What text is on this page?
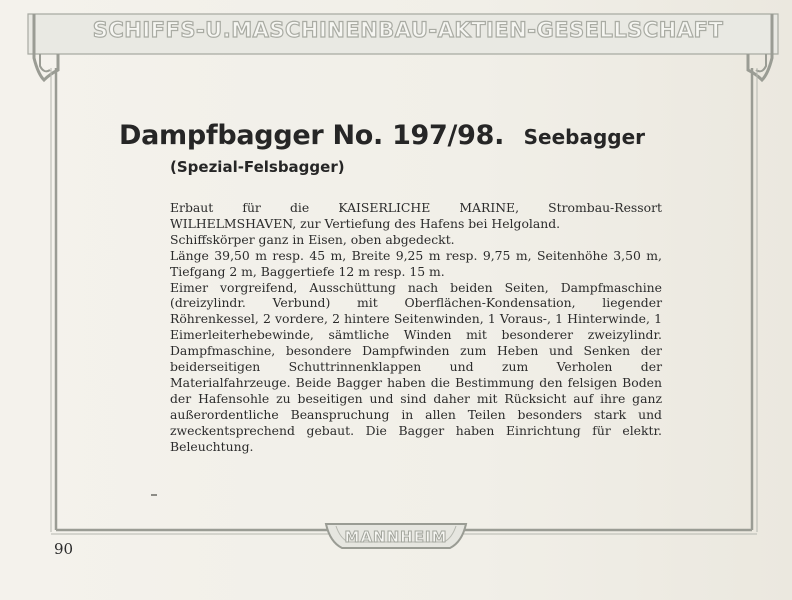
SCHIFFS-U.MASCHINENBAU-AKTIEN-GESELLSCHAFT
Dampfbagger No. 197/98. Seebagger
(Spezial-Felsbagger)

Erbaut für die KAISERLICHE MARINE, Strombau-Ressort WILHELMSHAVEN, zur Vertiefung des Hafens bei Helgoland.

Schiffskörper ganz in Eisen, oben abgedeckt.

Länge 39,50 m resp. 45 m, Breite 9,25 m resp. 9,75 m, Seitenhöhe 3,50 m, Tiefgang 2 m, Baggertiefe 12 m resp. 15 m.

Eimer vorgreifend, Ausschüttung nach beiden Seiten, Dampfmaschine (dreizylindr. Verbund) mit Oberflächen-Kondensation, liegender Röhrenkessel, 2 vordere, 2 hintere Seitenwinden, 1 Voraus-, 1 Hinterwinde, 1 Eimerleiterhebewinde, sämtliche Winden mit besonderer zweizylindr. Dampfmaschine, besondere Dampfwinden zum Heben und Senken der beiderseitigen Schuttrinnenklappen und zum Verholen der Materialfahrzeuge. Beide Bagger haben die Bestimmung den felsigen Boden der Hafensohle zu beseitigen und sind daher mit Rücksicht auf ihre ganz außerordentliche Beanspruchung in allen Teilen besonders stark und zweckentsprechend gebaut. Die Bagger haben Einrichtung für elektr. Beleuchtung.

MANNHEIM
90
